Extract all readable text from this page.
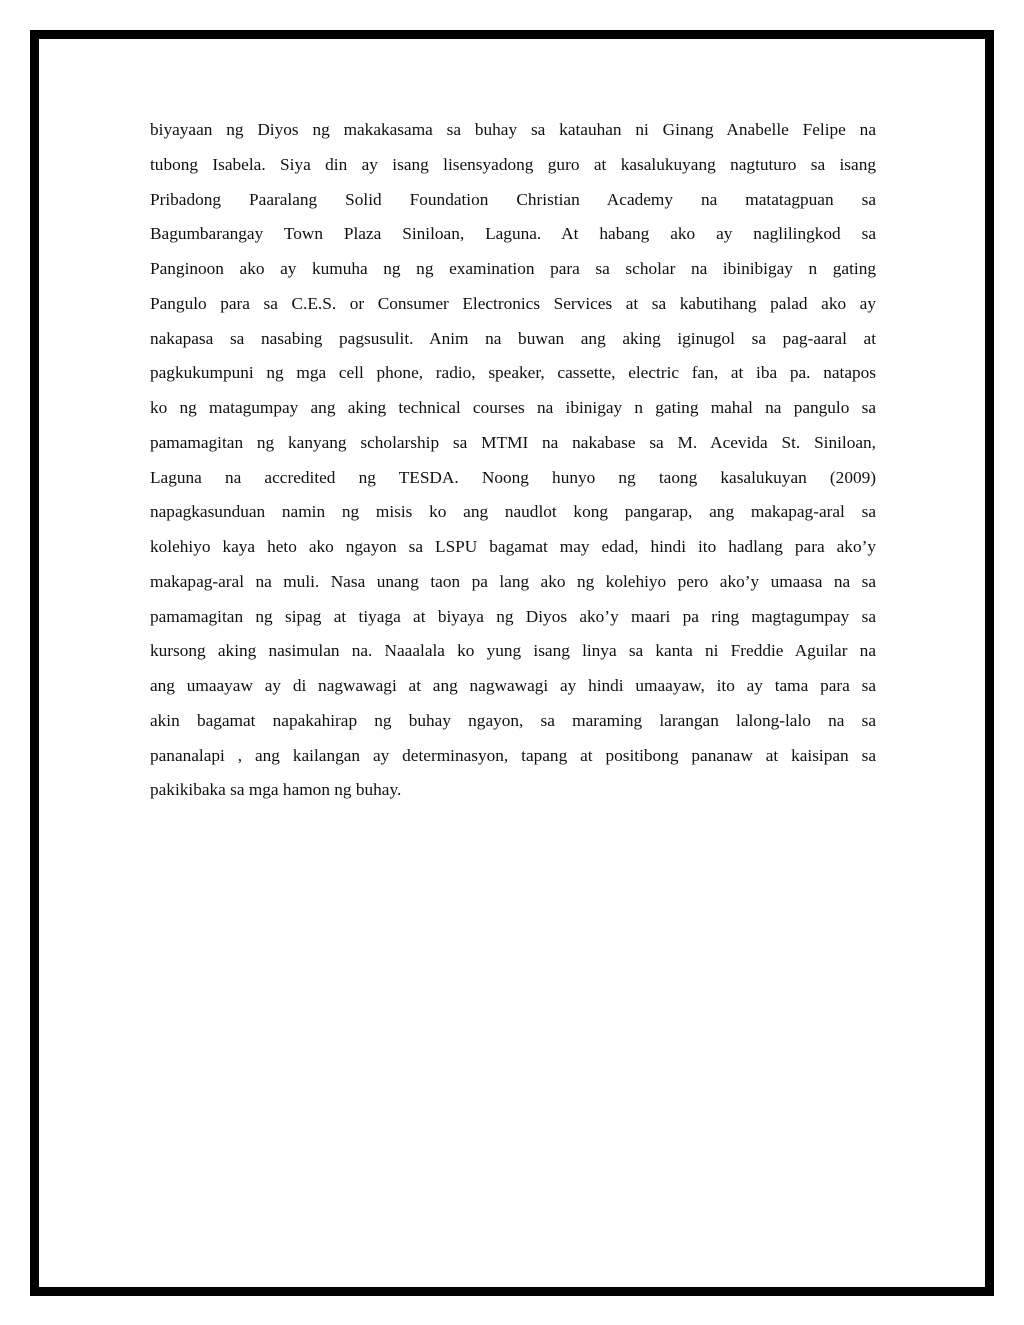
biyayaan ng Diyos ng makakasama sa buhay sa katauhan ni Ginang Anabelle Felipe na
tubong Isabela. Siya din ay isang lisensyadong guro at kasalukuyang nagtuturo sa isang
Pribadong Paaralang Solid Foundation Christian Academy na matatagpuan sa
Bagumbarangay Town Plaza Siniloan, Laguna. At habang ako ay naglilingkod sa
Panginoon ako ay kumuha ng ng examination para sa scholar na ibinibigay n gating
Pangulo para sa C.E.S. or Consumer Electronics Services at sa kabutihang palad ako ay
nakapasa sa nasabing pagsusulit. Anim na buwan ang aking iginugol sa pag-aaral at
pagkukumpuni ng mga cell phone, radio, speaker, cassette, electric fan, at iba pa. natapos
ko ng matagumpay ang aking technical courses na ibinigay n gating mahal na pangulo sa
pamamagitan ng kanyang scholarship sa MTMI na nakabase sa M. Acevida St. Siniloan,
Laguna na accredited ng TESDA. Noong hunyo ng taong kasalukuyan (2009)
napagkasunduan namin ng misis ko ang naudlot kong pangarap, ang makapag-aral sa
kolehiyo kaya heto ako ngayon sa LSPU bagamat may edad, hindi ito hadlang para ako’y
makapag-aral na muli. Nasa unang taon pa lang ako ng kolehiyo pero ako’y umaasa na sa
pamamagitan ng sipag at tiyaga at biyaya ng Diyos ako’y maari pa ring magtagumpay sa
kursong aking nasimulan na. Naaalala ko yung isang linya sa kanta ni Freddie Aguilar na
ang umaayaw ay di nagwawagi at ang nagwawagi ay hindi umaayaw, ito ay tama para sa
akin bagamat napakahirap ng buhay ngayon, sa maraming larangan lalong-lalo na sa
pananalapi , ang kailangan ay determinasyon, tapang at positibong pananaw at kaisipan sa
pakikibaka sa mga hamon ng buhay.
